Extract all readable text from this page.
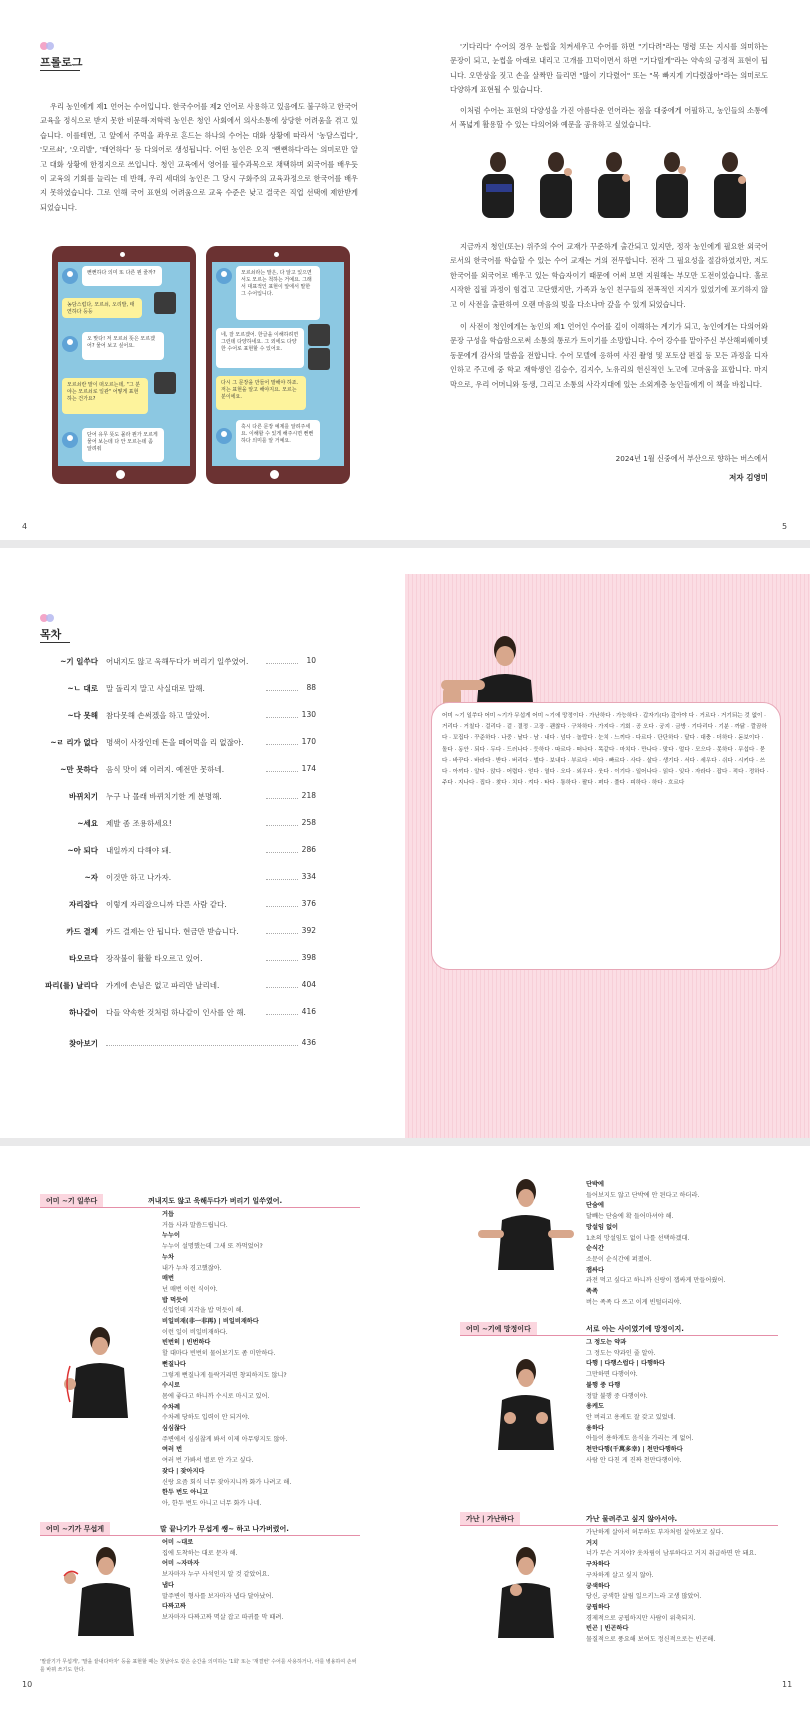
프롤로그

우리 농인에게 제1 언어는 수어입니다. 한국수어를 제2 언어로 사용하고 있음에도 불구하고 한국어 교육을 정식으로 받지 못한 비문해·저학력 농인은 청인 사회에서 의사소통에 상당한 어려움을 겪고 있습니다. 이를테면, 고 앞에서 주먹을 좌우로 흔드는 하나의 수어는 대화 상황에 따라서 '농담스럽다', '모르쇠', '오리발', '태연하다' 등 다의어로 생성됩니다. 어떤 농인은 오직 '뻔뻔하다'라는 의미로만 알고 대화 상황에 한정지으로 쓰입니다. 청인 교육에서 영어를 필수과목으로 채택하며 외국어를 배우듯이 교육의 기회를 늘리는 데 반해, 우리 세대의 농인은 그 당시 구화주의 교육과정으로 한국어를 배우지 못하였습니다. 그로 인해 국어 표현의 어려움으로 교육 수준은 낮고 결국은 직업 선택에 제한받게 되었습니다.

뻔뻔하다 의미 또 다른 뭔 줄까?
농담스럽다, 모르쇠, 오리발, 태연하다 등등
오 맞다! 저 모르쇠 뜻은 모르겠어? 물어 보고 싶어요.
모르쇠란 말이 떠오르는데, "그 분야는 모르쇠로 일관" 어떻게 표현하는 건가요?
단어 유무 뜻도 몰라 뭔가 모르게 물어 보는데 다 안 모르는데 좀 알려줘
모르쇠라는 말은, 다 알고 있으면서도 모르는 척하는 거예요. 그래서 대표적인 표현이 앞에서 말한 그 수어입니다.
네, 잘 모르겠어. 한글을 이해하려면 그런데 다양하네요. 그 외에도 다양한 수어로 표현할 수 있어요.
다시 그 문장을 만들어 말해야 하죠. 저는 표현을 알고 해야지요. 모르는 분이에요.
혹시 다른 문장 예제를 알려주세요. 이해할 수 있게 해주시면 뻔뻔하다 의미를 알 거예요.
4

'기다리다' 수어의 경우 눈썹을 치켜세우고 수어를 하면 "기다려"라는 명령 또는 지시를 의미하는 문장이 되고, 눈썹을 아래로 내리고 고개를 끄덕이면서 하면 "기다릴게"라는 약속의 긍정적 표현이 됩니다. 오만상을 짓고 손을 살짝만 들리면 "많이 기다렸어" 또는 "목 빠지게 기다렸잖아"라는 의미로도 다양하게 표현될 수 있습니다.

이처럼 수어는 표현의 다양성을 가진 아름다운 언어라는 점을 대중에게 어필하고, 농인들의 소통에서 폭넓게 활용할 수 있는 다의어와 예문을 공유하고 싶었습니다.

지금까지 청인(또는) 위주의 수어 교재가 꾸준하게 출간되고 있지만, 정작 농인에게 필요한 외국어로서의 한국어를 학습할 수 있는 수어 교재는 거의 전무합니다. 전작 그 필요성을 절감하였지만, 저도 한국어를 외국어로 배우고 있는 학습자이기 때문에 어써 보면 지원해는 부모만 도전이었습니다. 홀로 시작한 집필 과정이 힘겹고 고단했지만, 가족과 농인 친구들의 전폭적인 지지가 있었기에 포기하지 않고 이 사전을 출판하여 오랜 마음의 빚을 다소나마 갚을 수 있게 되었습니다.

이 사전이 청인에게는 농인의 제1 언어인 수어를 깊이 이해하는 계기가 되고, 농인에게는 다의어와 문장 구성을 학습함으로써 소통의 통로가 트이기를 소망합니다. 수어 강수를 맡아주신 부산해피웨이넷 동문에게 감사의 말씀을 전합니다. 수어 모델에 응하여 사진 촬영 및 포토샵 편집 등 모든 과정을 디자인하고 주고에 중 학교 재학생인 김승수, 김지수, 노유리의 헌신적인 노고에 고마움을 표합니다. 마지막으로, 우리 어머니와 동생, 그리고 소통의 사각지대에 있는 소외계층 농인들에게 이 책을 바칩니다.

2024년 1월 신중에서 부산으로 향하는 버스에서
저자 김영미
5
목차
~기 일쑤다 어내지도 않고 욱해두다가 버리기 일쑤였어.	10
~ㄴ 대로 말 돌리지 말고 사실대로 말해.	88
~다 못해 참다못해 손써겠을 하고 말았어.	130
~ㄹ 리가 없다 명색이 사장인데 돈을 떼어먹을 리 없잖아.	170
~만 못하다 음식 맛이 왜 이러지. 예전만 못하네.	174
바뀌치기 누구 나 몰래 바뀌치기한 게 분명해.	218
~세요 제발 좀 조용하세요!	258
~아 되다 내일까지 다해야 돼.	286
~자 이것만 하고 나가자.	334
자리잡다 이렇게 자리잡으니까 다른 사람 같다.	376
카드 결제 카드 결제는 안 됩니다. 현금만 받습니다.	392
타오르다 장작불이 활활 타오르고 있어.	398
파리(를) 날리다 가게에 손님은 없고 파리만 날리네.	404
하나같이 다들 약속한 것처럼 하나같이 인사를 안 해.	416
찾아보기	436
어미 ~기 일쑤다 어미 ~기가 무섭게 어미 ~기에 망정이다 · 가난하다 · 가능하다 · 갑자기(다) 갚아야 다 · 거르다 · 거기되는 것 없이 · 거리다 · 거칠다 · 걸리다 · 겉 · 결정 · 고장 · 괜찮다 · 구차하다 · 가지다 · 기회 · 공 오다 · 궁지 · 금방 · 기다리다 · 기분 · 까닭 · 깔끔하다 · 꼬집다 · 꾸준하다 · 나중 · 날다 · 남 · 내다 · 넘다 · 놀랍다 · 눈치 · 느끼다 · 다르다 · 단단하다 · 달다 · 대충 · 더하다 · 돋보이다 · 돌다 · 동안 · 되다 · 두다 · 드러나다 · 듯하다 · 따르다 · 떠나다 · 똑같다 · 마치다 · 만나다 · 맞다 · 멀다 · 모으다 · 못하다 · 무섭다 · 묻다 · 바꾸다 · 바라다 · 받다 · 버리다 · 벌다 · 보내다 · 부르다 · 비다 · 빠르다 · 사다 · 살다 · 생기다 · 서다 · 세우다 · 쉬다 · 시키다 · 쓰다 · 아끼다 · 알다 · 앉다 · 어렵다 · 얻다 · 열다 · 오다 · 외우다 · 웃다 · 이기다 · 일어나다 · 읽다 · 잊다 · 자라다 · 잡다 · 적다 · 정하다 · 주다 · 지나다 · 집다 · 찾다 · 치다 · 켜다 · 타다 · 통하다 · 팔다 · 펴다 · 풀다 · 피하다 · 하다 · 흐르다
어미 ~기 일쑤다	꺼내지도 않고 욱해두다가 버리기 일쑤였어.
거듭
거듭 사과 말씀드립니다.
누누이
누누이 설명했는데 그새 또 까먹었어?
누차
내가 누차 경고했잖아.
매번
넌 매번 이런 식이야.
밥 먹듯이
신입인데 지각을 밥 먹듯이 해.
비일비재(非一非再) | 비일비재하다
이런 일이 비일비재하다.
빈번히 | 빈번하다
할 대마다 빈번히 물어보기도 좀 미안하다.
뻔질나다
그렇게 뻔질나게 들락거리면 창피하지도 않니?
수시로
몸에 좋다고 하니까 수시로 마시고 있어.
수차례
수차례 당하도 입력이 안 되거야.
심심찮다
주변에서 심심찮게 봐서 이제 아무렇지도 않아.
여러 번
여러 번 가봐서 별로 안 가고 싶다.
잦다 | 잦아지다
신랑 요즘 회식 너무 잦아지니까 화가 나려고 해.
한두 번도 아니고
아, 한두 번도 아니고 너무 화가 나네.
어미 ~기가 무섭게	말 끝나기가 무섭게 쌩~ 하고 나가버렸어.
어미 ~대로
집에 도착하는 대로 문자 해.
어미 ~자마자
보자마자 누구 사석인지 알 것 같았어요.
냅다
말주변이 형사를 보자마자 냅다 달아났어.
다짜고짜
보자마자 다짜고짜 멱살 잡고 따귀를 막 때려.
'말끝기가 무섭게', '말을 끝내다마자' 등을 표현할 때는 첫남아도 같은 순간을 의미하는 '1회' 또는 '재결번' 수어를 사용하거나, 아를 병용하여 손써를 바꿔 쓰기도 한다.
10
단박에
들어보지도 않고 단박에 안 된다고 하더라.
단숨에
달빼는 단숨에 확 들어마셔야 해.
망설임 없이
1초의 망설임도 없이 나를 선택하겠대.
순식간
소문이 순식간에 퍼졌어.
잽싸다
과전 먹고 싶다고 하니까 신랑이 잽싸게 만들어줬어.
족족
버는 족족 다 쓰고 이게 빈털터리야.
어미 ~기에 망정이다	서로 아는 사이였기에 망정이지.
그 정도는 약과
그 정도는 약과인 줄 알아.
다행 | 다행스럽다 | 다행하다
그만하면 다행이야.
불행 중 다행
정말 불행 중 다행이야.
용케도
안 버리고 용케도 잘 갖고 있었네.
용하다
아들이 용하게도 음식을 가리는 게 없어.
천만다행(千萬多幸) | 천만다행하다
사람 안 다친 게 진짜 천만다행이야.
가난 | 가난하다	가난 물려주고 싶지 않아서야.
가난하게 살아서 허무하도 부자처럼 살아보고 싶다.
거지
너가 무슨 거지야? 옷차림이 남루하다고 거지 취급하면 안 돼요.
구차하다
구차하게 살고 싶지 않아.
궁색하다
당신, 궁색한 살림 일으키느라 고생 많았어.
궁핍하다
경제적으로 궁핍하지만 사람이 위축되지.
빈곤 | 빈곤하다
물질적으로 풍요해 보여도 정신적으로는 빈곤해.
11
